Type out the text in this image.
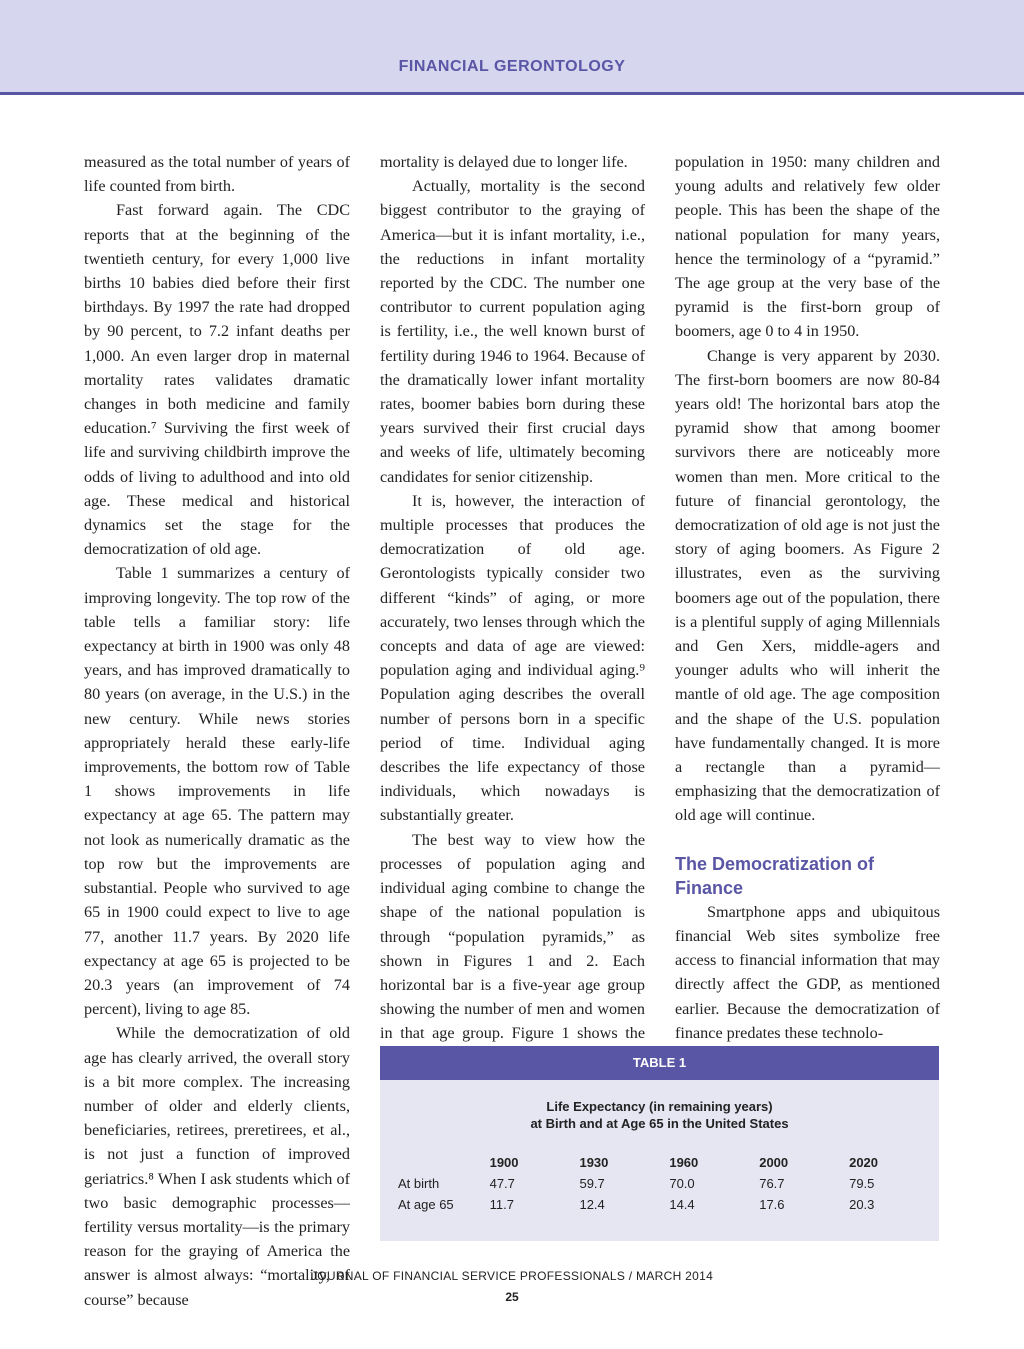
FINANCIAL GERONTOLOGY

measured as the total number of years of life counted from birth.

Fast forward again. The CDC reports that at the beginning of the twentieth century, for every 1,000 live births 10 babies died before their first birthdays. By 1997 the rate had dropped by 90 percent, to 7.2 infant deaths per 1,000. An even larger drop in maternal mortality rates validates dramatic changes in both medicine and family education.⁷ Surviving the first week of life and surviving childbirth improve the odds of living to adulthood and into old age. These medical and historical dynamics set the stage for the democratization of old age.

Table 1 summarizes a century of improving longevity. The top row of the table tells a familiar story: life expectancy at birth in 1900 was only 48 years, and has improved dramatically to 80 years (on average, in the U.S.) in the new century. While news stories appropriately herald these early-life improvements, the bottom row of Table 1 shows improvements in life expectancy at age 65. The pattern may not look as numerically dramatic as the top row but the improvements are substantial. People who survived to age 65 in 1900 could expect to live to age 77, another 11.7 years. By 2020 life expectancy at age 65 is projected to be 20.3 years (an improvement of 74 percent), living to age 85.

While the democratization of old age has clearly arrived, the overall story is a bit more complex. The increasing number of older and elderly clients, beneficiaries, retirees, preretirees, et al., is not just a function of improved geriatrics.⁸ When I ask students which of two basic demographic processes—fertility versus mortality—is the primary reason for the graying of America the answer is almost always: “mortality, of course” because

mortality is delayed due to longer life.

Actually, mortality is the second biggest contributor to the graying of America—but it is infant mortality, i.e., the reductions in infant mortality reported by the CDC. The number one contributor to current population aging is fertility, i.e., the well known burst of fertility during 1946 to 1964. Because of the dramatically lower infant mortality rates, boomer babies born during these years survived their first crucial days and weeks of life, ultimately becoming candidates for senior citizenship.

It is, however, the interaction of multiple processes that produces the democratization of old age. Gerontologists typically consider two different “kinds” of aging, or more accurately, two lenses through which the concepts and data of age are viewed: population aging and individual aging.⁹ Population aging describes the overall number of persons born in a specific period of time. Individual aging describes the life expectancy of those individuals, which nowadays is substantially greater.

The best way to view how the processes of population aging and individual aging combine to change the shape of the national population is through “population pyramids,” as shown in Figures 1 and 2. Each horizontal bar is a five-year age group showing the number of men and women in that age group. Figure 1 shows the

population in 1950: many children and young adults and relatively few older people. This has been the shape of the national population for many years, hence the terminology of a “pyramid.” The age group at the very base of the pyramid is the first-born group of boomers, age 0 to 4 in 1950.

Change is very apparent by 2030. The first-born boomers are now 80-84 years old! The horizontal bars atop the pyramid show that among boomer survivors there are noticeably more women than men. More critical to the future of financial gerontology, the democratization of old age is not just the story of aging boomers. As Figure 2 illustrates, even as the surviving boomers age out of the population, there is a plentiful supply of aging Millennials and Gen Xers, middle-agers and younger adults who will inherit the mantle of old age. The age composition and the shape of the U.S. population have fundamentally changed. It is more a rectangle than a pyramid—emphasizing that the democratization of old age will continue.

The Democratization of Finance

Smartphone apps and ubiquitous financial Web sites symbolize free access to financial information that may directly affect the GDP, as mentioned earlier. Because the democratization of finance predates these technolo-

TABLE 1
Life Expectancy (in remaining years)
at Birth and at Age 65 in the United States
	1900	1930	1960	2000	2020
At birth	47.7	59.7	70.0	76.7	79.5
At age 65	11.7	12.4	14.4	17.6	20.3
JOURNAL OF FINANCIAL SERVICE PROFESSIONALS / MARCH 2014
25
